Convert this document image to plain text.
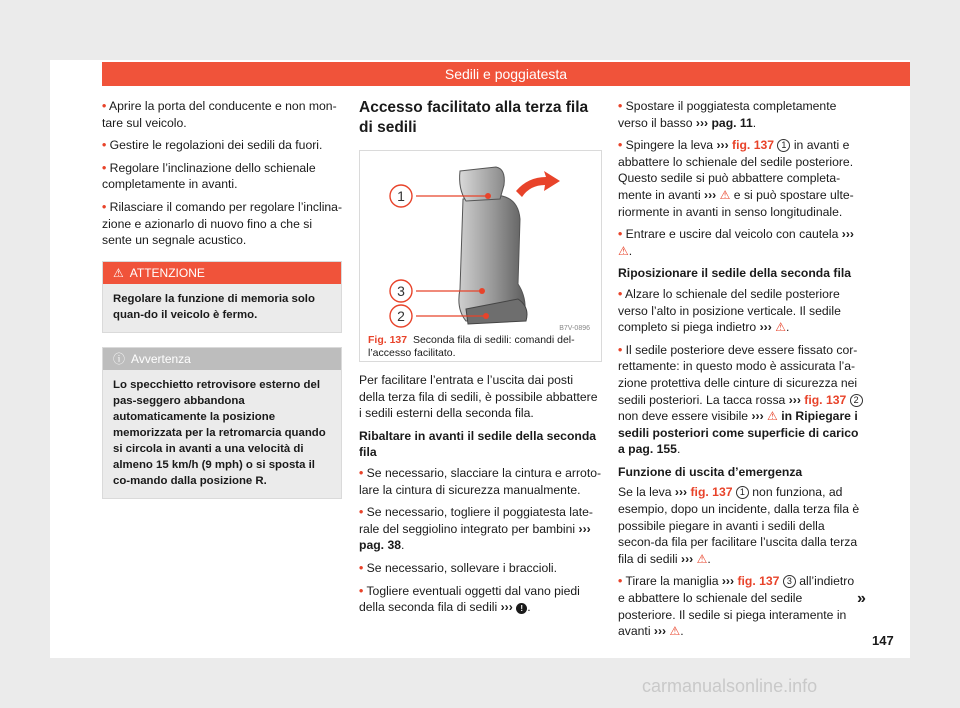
Sedili e poggiatesta

• Aprire la porta del conducente e non mon-tare sul veicolo.

• Gestire le regolazioni dei sedili da fuori.

• Regolare l’inclinazione dello schienale completamente in avanti.

• Rilasciare il comando per regolare l’inclina-zione e azionarlo di nuovo fino a che si sente un segnale acustico.

⚠ ATTENZIONE
Regolare la funzione di memoria solo quan-do il veicolo è fermo.
ⓘ Avvertenza
Lo specchietto retrovisore esterno del pas-seggero abbandona automaticamente la posizione memorizzata per la retromarcia quando si circola in avanti a una velocità di almeno 15 km/h (9 mph) o si sposta il co-mando dalla posizione R.
Accesso facilitato alla terza fila di sedili
1
3
2
B7V-0896
Fig. 137 Seconda fila di sedili: comandi del-l’accesso facilitato.

Per facilitare l’entrata e l’uscita dai posti della terza fila di sedili, è possibile abbattere i sedili esterni della seconda fila.

Ribaltare in avanti il sedile della seconda fila

• Se necessario, slacciare la cintura e arroto-lare la cintura di sicurezza manualmente.

• Se necessario, togliere il poggiatesta late-rale del seggiolino integrato per bambini ››› pag. 38.

• Se necessario, sollevare i braccioli.

• Togliere eventuali oggetti dal vano piedi della seconda fila di sedili ››› ! .

• Spostare il poggiatesta completamente verso il basso ››› pag. 11.

• Spingere la leva ››› fig. 137 1 in avanti e abbattere lo schienale del sedile posteriore. Questo sedile si può abbattere completa-mente in avanti ››› ⚠ e si può spostare ulte-riormente in avanti in senso longitudinale.

• Entrare e uscire dal veicolo con cautela ››› ⚠.

Riposizionare il sedile della seconda fila

• Alzare lo schienale del sedile posteriore verso l’alto in posizione verticale. Il sedile completo si piega indietro ››› ⚠.

• Il sedile posteriore deve essere fissato cor-rettamente: in questo modo è assicurata l’a-zione protettiva delle cinture di sicurezza nei sedili posteriori. La tacca rossa ››› fig. 137 2 non deve essere visibile ››› ⚠ in Ripiegare i sedili posteriori come superficie di carico a pag. 155.

Funzione di uscita d’emergenza

Se la leva ››› fig. 137 1 non funziona, ad esempio, dopo un incidente, dalla terza fila è possibile piegare in avanti i sedili della secon-da fila per facilitare l’uscita dalla terza fila di sedili ››› ⚠.

• Tirare la maniglia ››› fig. 137 3 all’indietro e abbattere lo schienale del sedile posteriore. Il sedile si piega interamente in avanti ››› ⚠.

»
147
carmanualsonline.info
